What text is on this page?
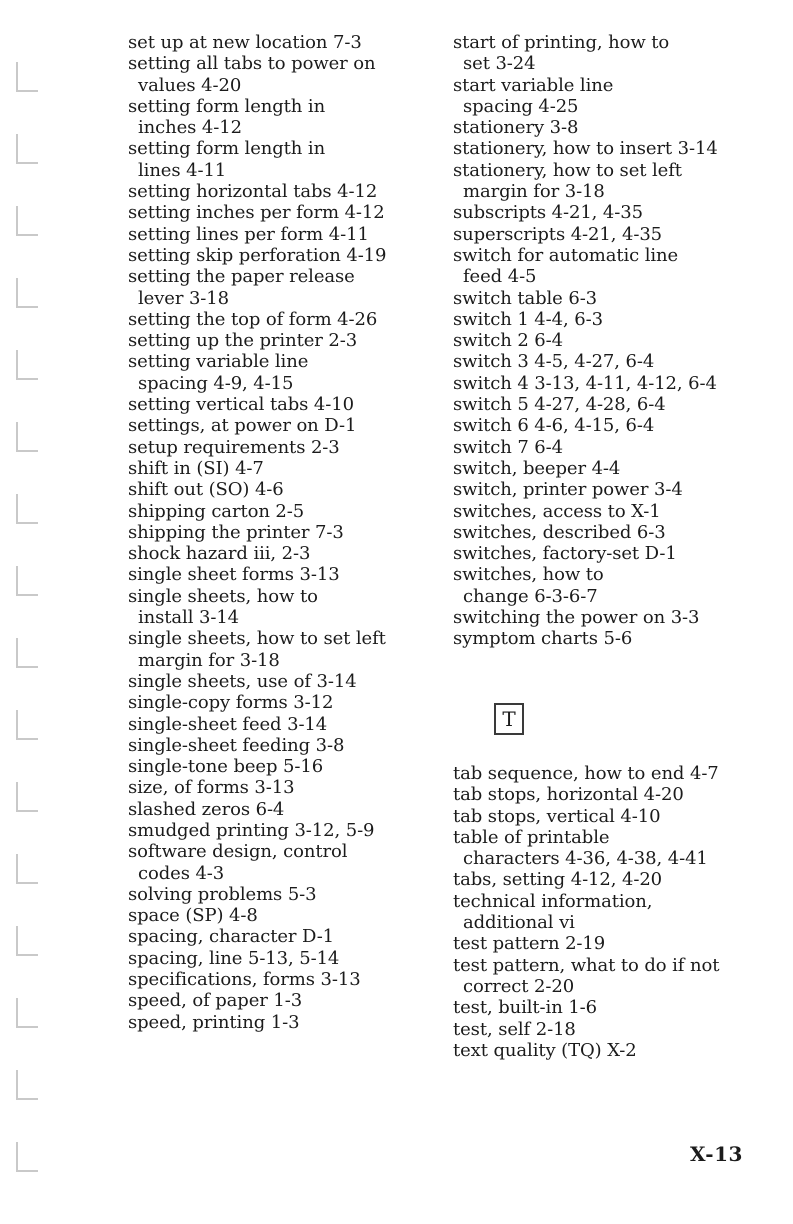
set up at new location 7-3
setting all tabs to power on
values 4-20
setting form length in
inches 4-12
setting form length in
lines 4-11
setting horizontal tabs 4-12
setting inches per form 4-12
setting lines per form 4-11
setting skip perforation 4-19
setting the paper release
lever 3-18
setting the top of form 4-26
setting up the printer 2-3
setting variable line
spacing 4-9, 4-15
setting vertical tabs 4-10
settings, at power on D-1
setup requirements 2-3
shift in (SI) 4-7
shift out (SO) 4-6
shipping carton 2-5
shipping the printer 7-3
shock hazard iii, 2-3
single sheet forms 3-13
single sheets, how to
install 3-14
single sheets, how to set left
margin for 3-18
single sheets, use of 3-14
single-copy forms 3-12
single-sheet feed 3-14
single-sheet feeding 3-8
single-tone beep 5-16
size, of forms 3-13
slashed zeros 6-4
smudged printing 3-12, 5-9
software design, control
codes 4-3
solving problems 5-3
space (SP) 4-8
spacing, character D-1
spacing, line 5-13, 5-14
specifications, forms 3-13
speed, of paper 1-3
speed, printing 1-3
start of printing, how to
set 3-24
start variable line
spacing 4-25
stationery 3-8
stationery, how to insert 3-14
stationery, how to set left
margin for 3-18
subscripts 4-21, 4-35
superscripts 4-21, 4-35
switch for automatic line
feed 4-5
switch table 6-3
switch 1 4-4, 6-3
switch 2 6-4
switch 3 4-5, 4-27, 6-4
switch 4 3-13, 4-11, 4-12, 6-4
switch 5 4-27, 4-28, 6-4
switch 6 4-6, 4-15, 6-4
switch 7 6-4
switch, beeper 4-4
switch, printer power 3-4
switches, access to X-1
switches, described 6-3
switches, factory-set D-1
switches, how to
change 6-3-6-7
switching the power on 3-3
symptom charts 5-6
T
tab sequence, how to end 4-7
tab stops, horizontal 4-20
tab stops, vertical 4-10
table of printable
characters 4-36, 4-38, 4-41
tabs, setting 4-12, 4-20
technical information,
additional vi
test pattern 2-19
test pattern, what to do if not
correct 2-20
test, built-in 1-6
test, self 2-18
text quality (TQ) X-2
X-13
